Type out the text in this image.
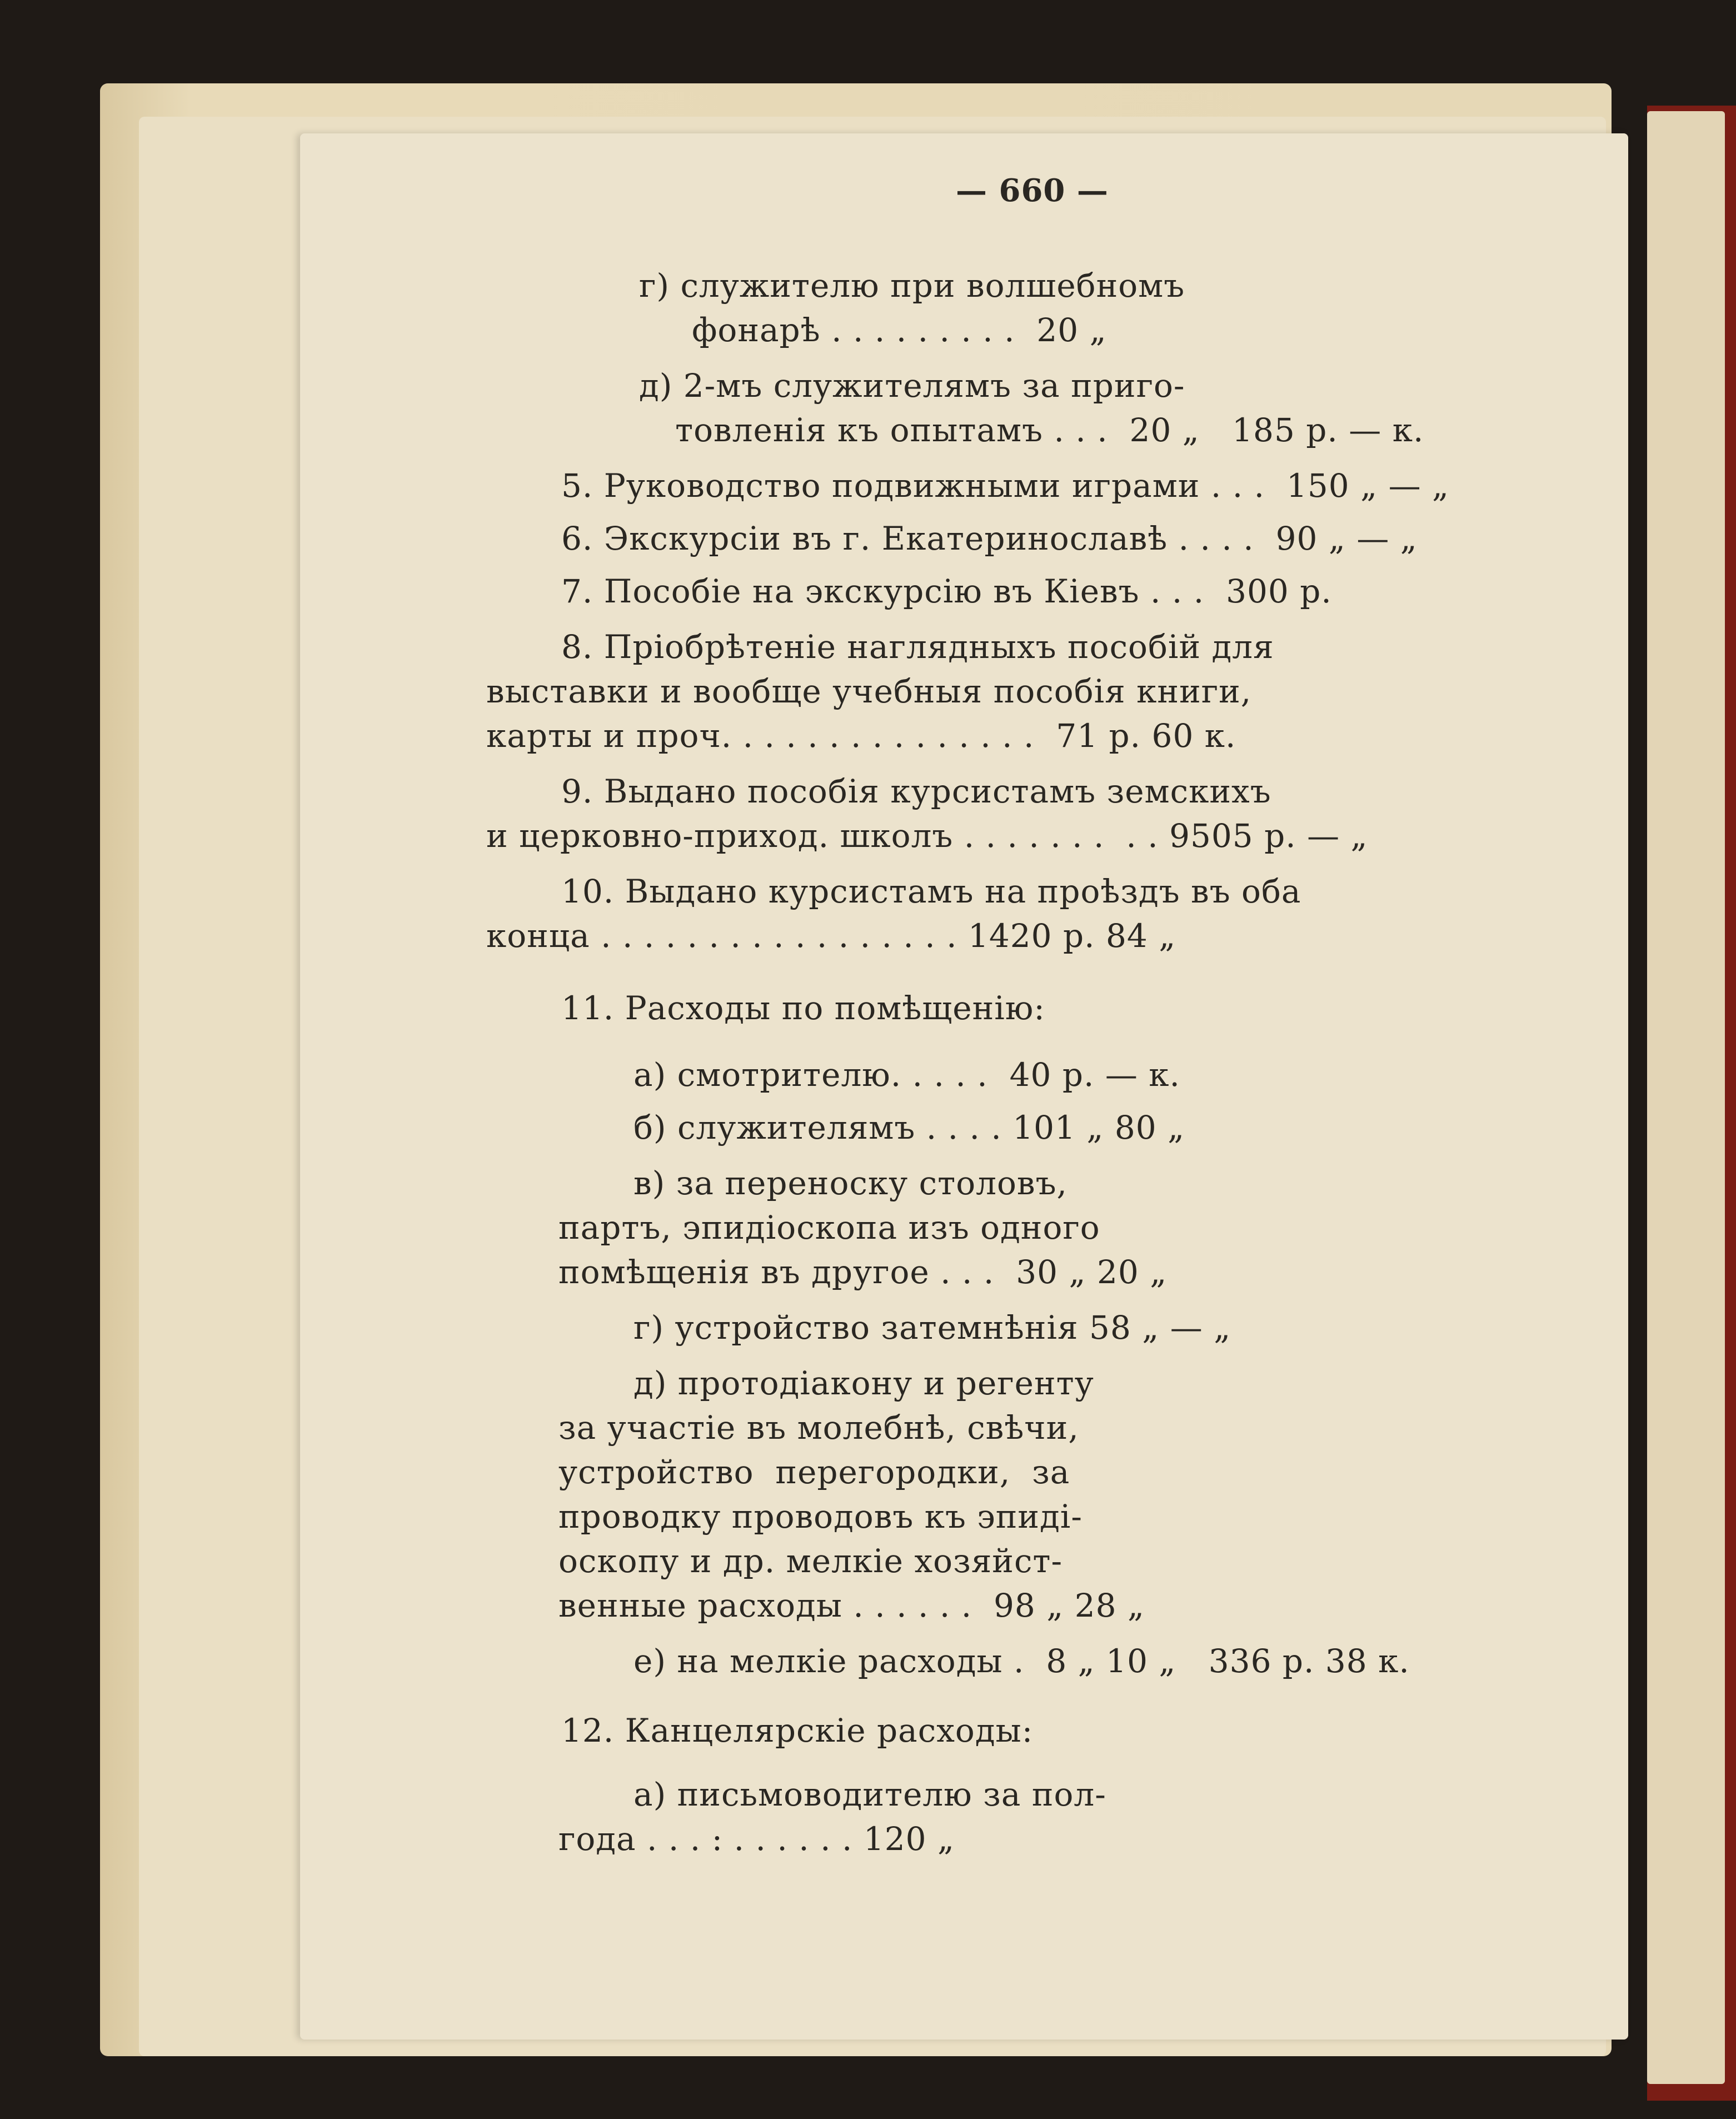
— 660 —
г) служителю при волшебномъ
фонарѣ . . . . . . . . .  20 „
д) 2-мъ служителямъ за приго-
товленія къ опытамъ . . .  20 „   185 р. — к.
5. Руководство подвижными играми . . .  150 „ — „
6. Экскурсіи въ г. Екатеринославѣ . . . .  90 „ — „
7. Пособіе на экскурсію въ Кіевъ . . .  300 р.
8. Пріобрѣтеніе наглядныхъ пособій для
выставки и вообще учебныя пособія книги,
карты и проч. . . . . . . . . . . . . . .  71 р. 60 к.
9. Выдано пособія курсистамъ земскихъ
и церковно-приход. школъ . . . . . . .  . . 9505 р. — „
10. Выдано курсистамъ на проѣздъ въ оба
конца . . . . . . . . . . . . . . . . . 1420 р. 84 „
11. Расходы по помѣщенію:
а) смотрителю. . . . .  40 р. — к.
б) служителямъ . . . . 101 „ 80 „
в) за переноску столовъ,
партъ, эпидіоскопа изъ одного
помѣщенія въ другое . . .  30 „ 20 „
г) устройство затемнѣнія 58 „ — „
д) протодіакону и регенту
за участіе въ молебнѣ, свѣчи,
устройство  перегородки,  за
проводку проводовъ къ эпиді-
оскопу и др. мелкіе хозяйст-
венные расходы . . . . . .  98 „ 28 „
е) на мелкіе расходы .  8 „ 10 „   336 р. 38 к.
12. Канцелярскіе расходы:
а) письмоводителю за пол-
года . . . : . . . . . . 120 „
